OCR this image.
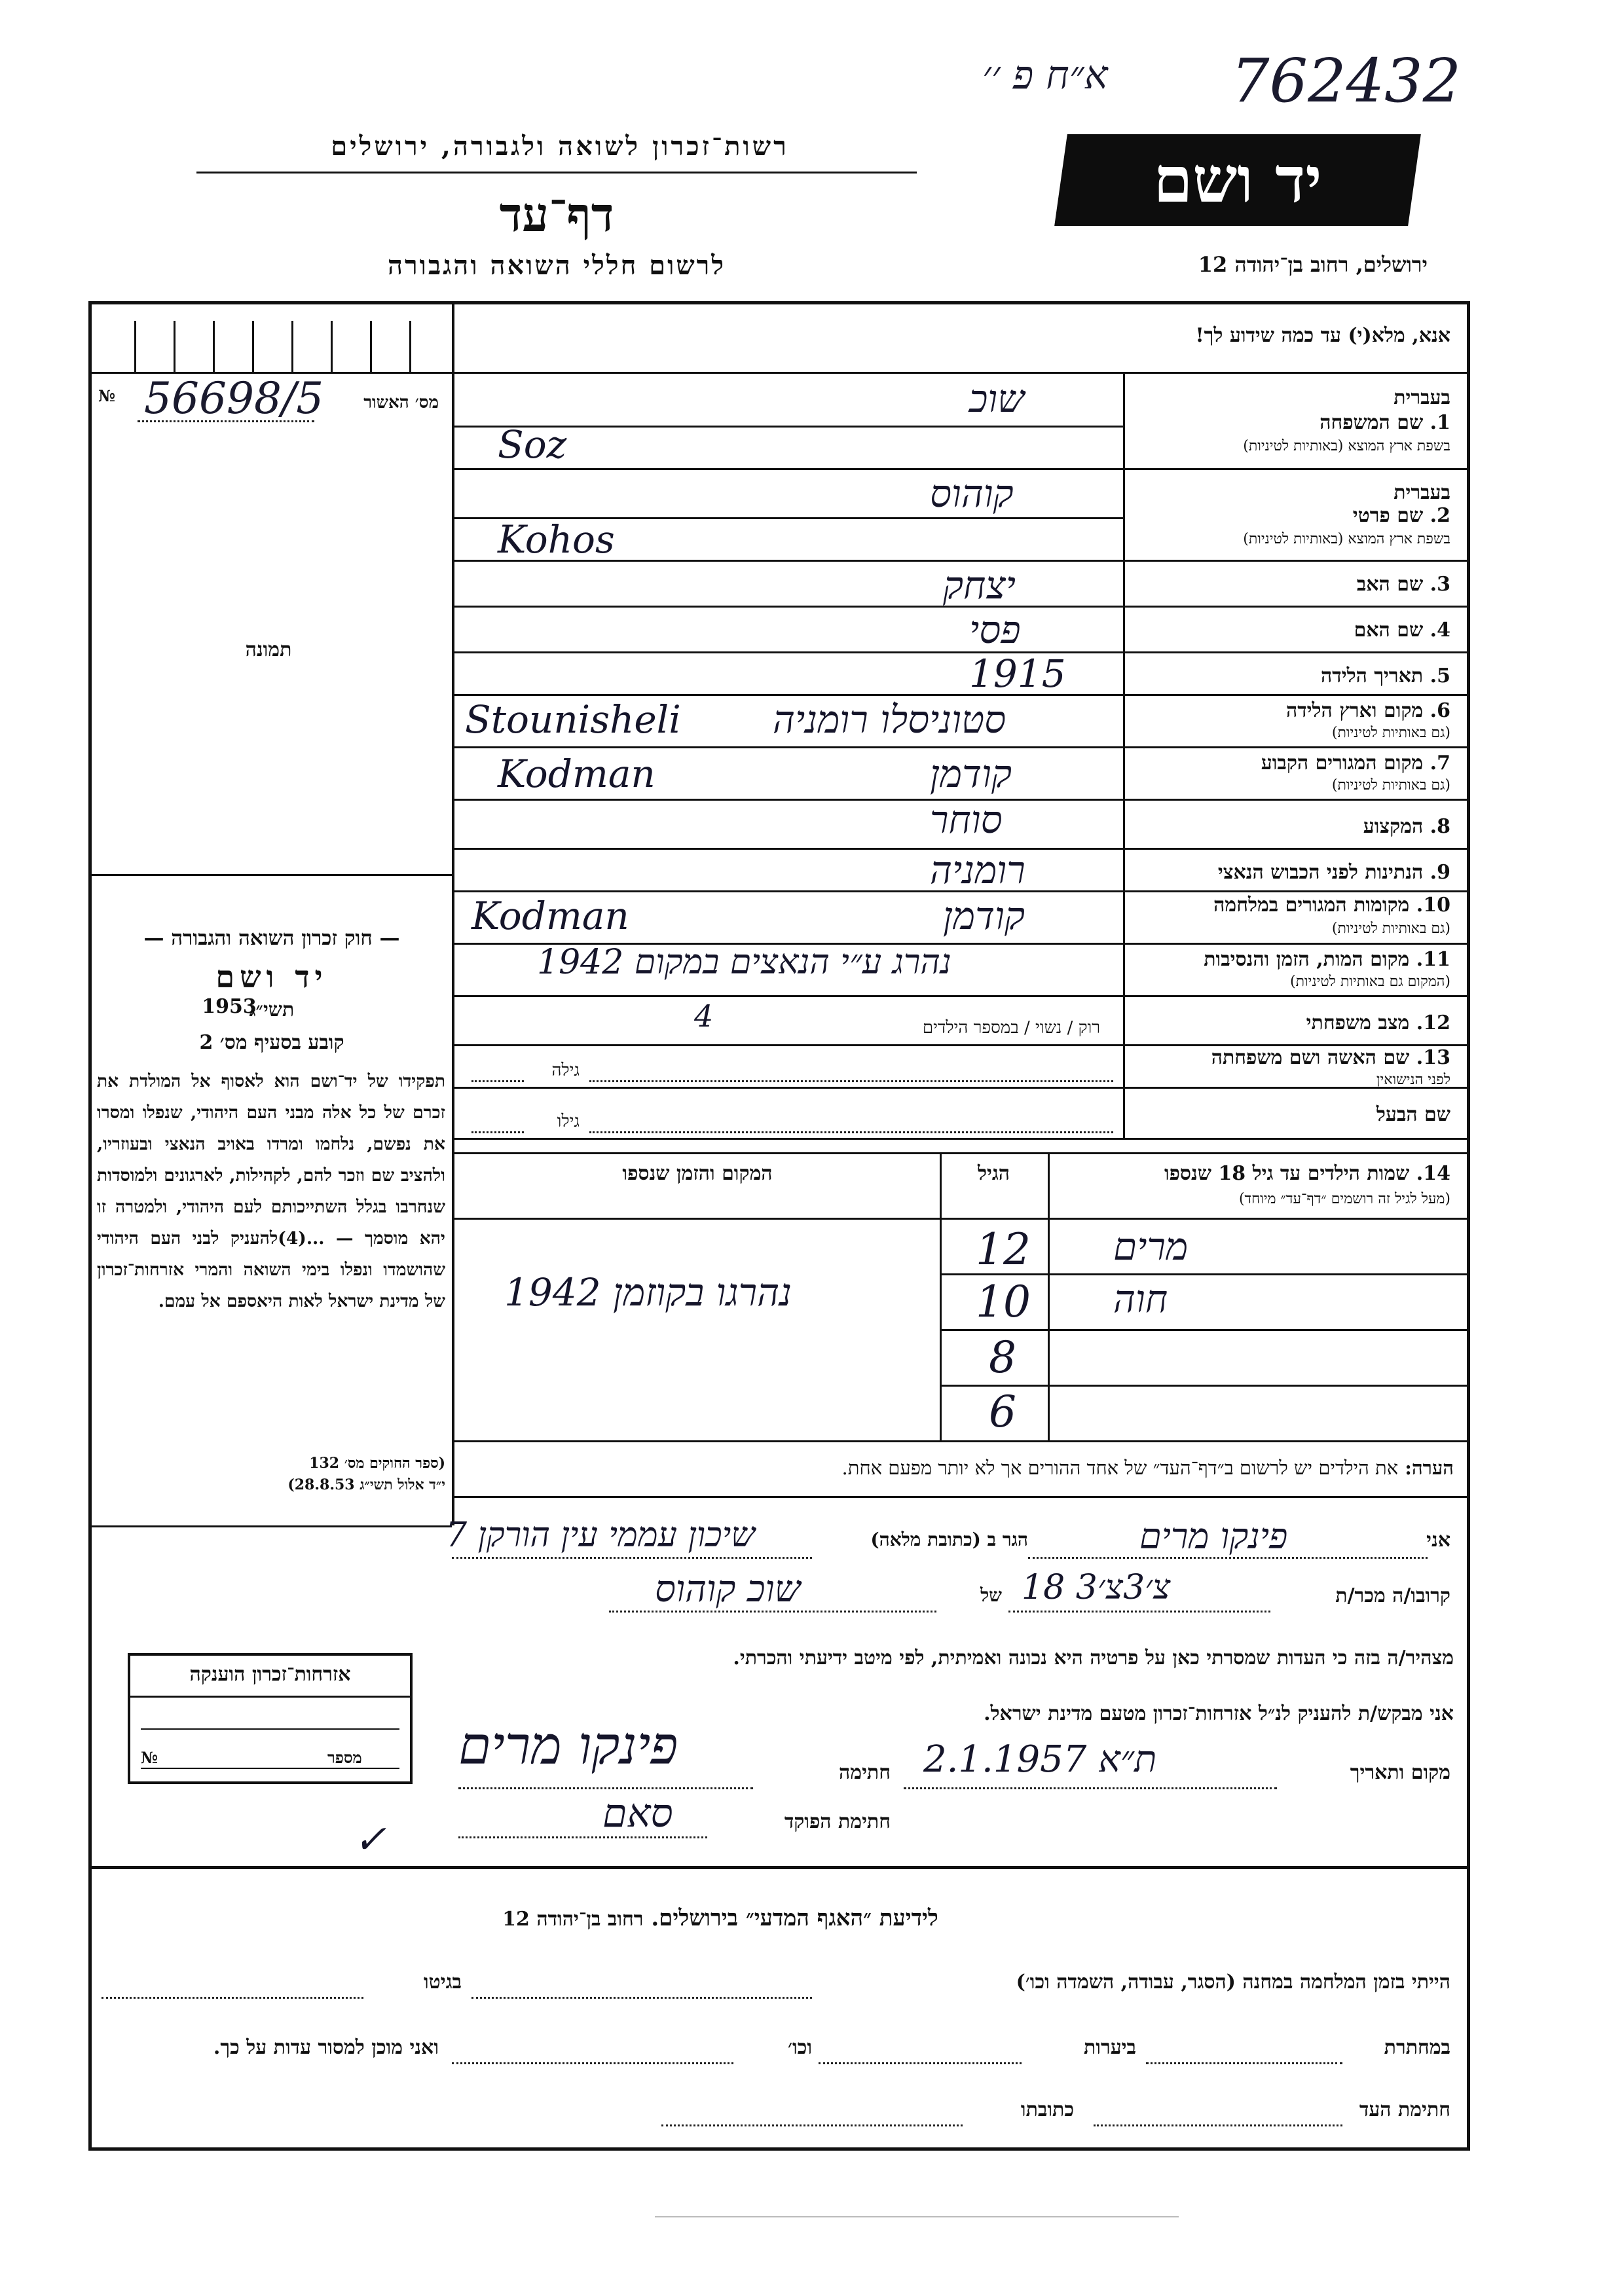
א״ח פ ׳׳ 762432
רשות־זכרון לשואה ולגבורה, ירושלים
דף־עד
לרשום חללי השואה והגבורה
יד ושם
ירושלים, רחוב בן־יהודה 12
אנא, מלא(י) עד כמה שידוע לך!
№ 56698/5	מס׳ האשור
תמונה
בעברית
1. שם המשפחה
בשפת ארץ המוצא (באותיות לטיניות)
שוכ
Soz
בעברית
2. שם פרטי
בשפת ארץ המוצא (באותיות לטיניות)
קוהוס
Kohos
3. שם האב
יצחק
4. שם האם
פסי
5. תאריך הלידה
1915
6. מקום וארץ הלידה
(גם באותיות לטיניות)
סטוניסלו רומניה
Stounisheli
7. מקום המגורים הקבוע
(גם באותיות לטיניות)
קודמן
Kodman
8. המקצוע
סוחר
9. הנתינות לפני הכבוש הנאצי
רומניה
10. מקומות המגורים במלחמה
(גם באותיות לטיניות)
קודמן
Kodman
11. מקום המות, הזמן והנסיבות
(המקום גם באותיות לטיניות)
נהרג ע״י הנאצים במקום 1942
12. מצב משפחתי
רוק / נשוי / במספר הילדים
4
13. שם האשה ושם משפחתה
לפני הנישואין
גילה
שם הבעל
גילו
14. שמות הילדים עד גיל 18 שנספו
(מעל לגיל זה רושמים ״דף־עד״ מיוחד)
הגיל
המקום והזמן שנספו
מרים
12
חוה
10
נהרגו בקוזמן 1942
8
6
הערה: את הילדים יש לרשום ב״דף־העד״ של אחד ההורים אך לא יותר מפעם אחת.
— חוק זכרון השואה והגבורה —
יד ושם
תשי״ג
1953
קובע בסעיף מס׳ 2
תפקידו של יד־ושם הוא לאסוף אל המולדת את זכרם של כל אלה מבני העם היהודי, שנפלו ומסרו את נפשם, נלחמו ומרדו באויב הנאצי ובעוזריו, ולהציב שם וזכר להם, לקהילות, לארגונים ולמוסדות שנחרבו בגלל השתייכותם לעם היהודי, ולמטרה זו יהא מוסמך — ...(4)להעניק לבני העם היהודי שהושמדו ונפלו בימי השואה והמרי אזרחות־זכרון של מדינת ישראל לאות היאספם אל עמם.
(ספר החוקים מס׳ 132
י״ד אלול תשי״ג 28.8.53)
אני
פינקו מרים
הגר ב (כתובת מלאה)
שיכון עממי עין הורקן 7
קרובו/ה מכר/ת
18 צ׳3צ׳3
של
שוכ קוהוס
מצהיר/ה בזה כי העדות שמסרתי כאן על פרטיה היא נכונה ואמיתית, לפי מיטב ידיעתי והכרתי.
אני מבקש/ת להעניק לנ״ל אזרחות־זכרון מטעם מדינת ישראל.
מקום ותאריך
2.1.1957 ת״א
חתימה
פינקו מרים
חתימת הפוקד
✓
סאם
אזרחות־זכרון הוענקה
№	מספר
לידיעת ״האגף המדעי״ בירושלים. רחוב בן־יהודה 12
הייתי בזמן המלחמה במחנה (הסגר, עבודה, השמדה וכו׳)
בגיטו
במחתרת
ביערות
וכו׳
ואני מוכן למסור עדות על כך.
חתימת העד
כתובתו
